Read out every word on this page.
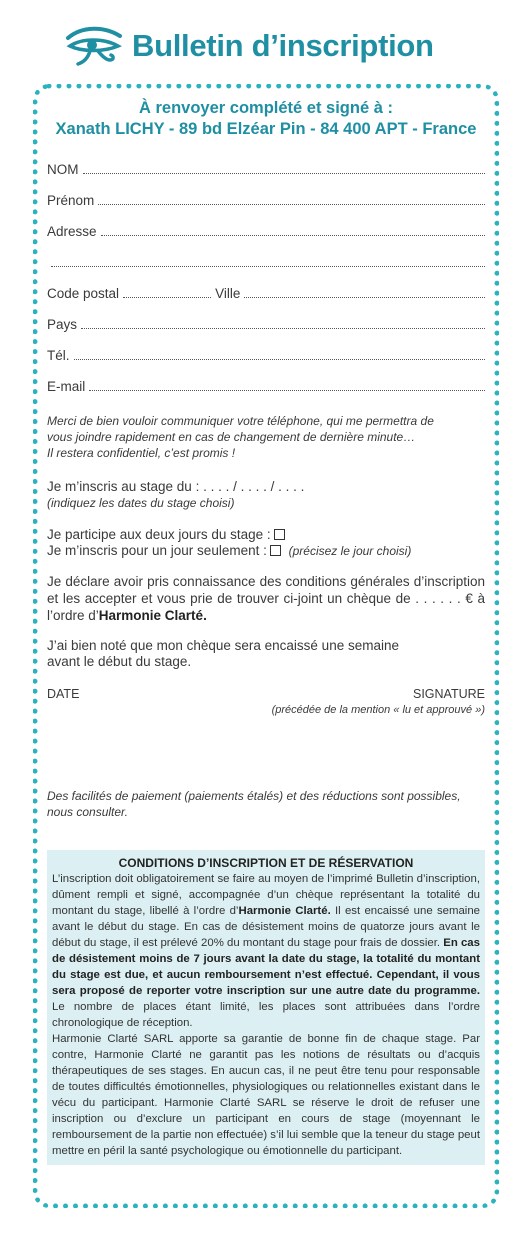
Bulletin d’inscription
À renvoyer complété et signé à :
Xanath LICHY - 89 bd Elzéar Pin - 84 400 APT - France
NOM
Prénom
Adresse
Code postal	Ville
Pays
Tél.
E-mail
Merci de bien vouloir communiquer votre téléphone, qui me permettra de
vous joindre rapidement en cas de changement de dernière minute…
Il restera confidentiel, c’est promis !
Je m’inscris au stage du : . . . . / . . . . / . . . .
(indiquez les dates du stage choisi)
Je participe aux deux jours du stage :
Je m’inscris pour un jour seulement : (précisez le jour choisi)
Je déclare avoir pris connaissance des conditions générales d’inscription et les accepter et vous prie de trouver ci-joint un chèque de . . . . . . € à l’ordre d’Harmonie Clarté.
J’ai bien noté que mon chèque sera encaissé une semaine
avant le début du stage.
DATE	SIGNATURE
(précédée de la mention « lu et approuvé »)
Des facilités de paiement (paiements étalés) et des réductions sont possibles,
nous consulter.
CONDITIONS D’INSCRIPTION ET DE RÉSERVATION

L’inscription doit obligatoirement se faire au moyen de l’imprimé Bulletin d’inscription, dûment rempli et signé, accompagnée d’un chèque représentant la totalité du montant du stage, libellé à l’ordre d’Harmonie Clarté. Il est encaissé une semaine avant le début du stage. En cas de désistement moins de quatorze jours avant le début du stage, il est prélevé 20% du montant du stage pour frais de dossier. En cas de désistement moins de 7 jours avant la date du stage, la totalité du montant du stage est due, et aucun remboursement n’est effectué. Cependant, il vous sera proposé de reporter votre inscription sur une autre date du programme. Le nombre de places étant limité, les places sont attribuées dans l’ordre chronologique de réception.

Harmonie Clarté SARL apporte sa garantie de bonne fin de chaque stage. Par contre, Harmonie Clarté ne garantit pas les notions de résultats ou d’acquis thérapeutiques de ses stages. En aucun cas, il ne peut être tenu pour responsable de toutes difficultés émotionnelles, physiologiques ou relationnelles existant dans le vécu du participant. Harmonie Clarté SARL se réserve le droit de refuser une inscription ou d’exclure un participant en cours de stage (moyennant le remboursement de la partie non effectuée) s’il lui semble que la teneur du stage peut mettre en péril la santé psychologique ou émotionnelle du participant.
